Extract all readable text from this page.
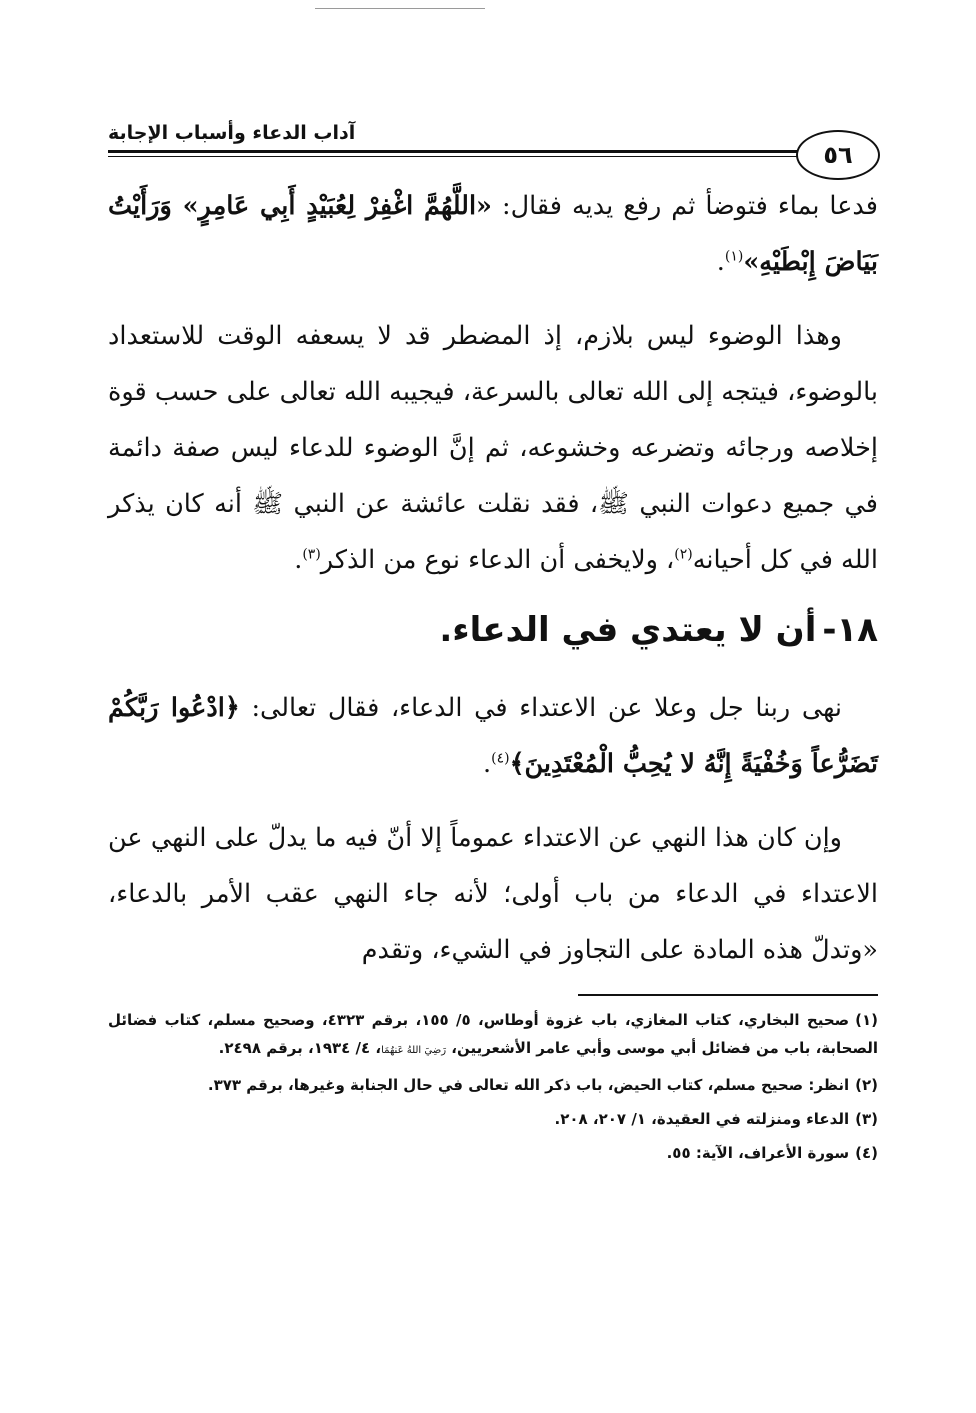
٥٦
آداب الدعاء وأسباب الإجابة

فدعا بماء فتوضأ ثم رفع يديه فقال: «اللَّهُمَّ اغْفِرْ لِعُبَيْدٍ أَبِي عَامِرٍ» وَرَأَيْتُ بَيَاضَ إِبْطَيْهِ»$^{(١)}$.

وهذا الوضوء ليس بلازم، إذ المضطر قد لا يسعفه الوقت للاستعداد بالوضوء، فيتجه إلى الله تعالى بالسرعة، فيجيبه الله تعالى على حسب قوة إخلاصه ورجائه وتضرعه وخشوعه، ثم إنَّ الوضوء للدعاء ليس صفة دائمة في جميع دعوات النبي ﷺ، فقد نقلت عائشة عن النبي ﷺ أنه كان يذكر الله في كل أحيانه$^{(٢)}$، ولايخفى أن الدعاء نوع من الذكر$^{(٣)}$.

١٨-أن لا يعتدي في الدعاء.

نهى ربنا جل وعلا عن الاعتداء في الدعاء، فقال تعالى: ﴿ادْعُوا رَبَّكُمْ تَضَرُّعاً وَخُفْيَةً إِنَّهُ لا يُحِبُّ الْمُعْتَدِينَ﴾$^{(٤)}$.

وإن كان هذا النهي عن الاعتداء عموماً إلا أنّ فيه ما يدلّ على النهي عن الاعتداء في الدعاء من باب أولى؛ لأنه جاء النهي عقب الأمر بالدعاء، «وتدلّ هذه المادة على التجاوز في الشيء، وتقدم

(١)صحيح البخاري، كتاب المغازي، باب غزوة أوطاس، ٥/ ١٥٥، برقم ٤٣٢٣، وصحيح مسلم، كتاب فضائل الصحابة، باب من فضائل أبي موسى وأبي عامر الأشعريين، رَضِيَ اللهُ عَنهُمَا، ٤/ ١٩٣٤، برقم ٢٤٩٨.
(٢)انظر: صحيح مسلم، كتاب الحيض، باب ذكر الله تعالى في حال الجنابة وغيرها، برقم ٣٧٣.
(٣)الدعاء ومنزلته في العقيدة، ١/ ٢٠٧، ٢٠٨.
(٤)سورة الأعراف، الآية: ٥٥.
